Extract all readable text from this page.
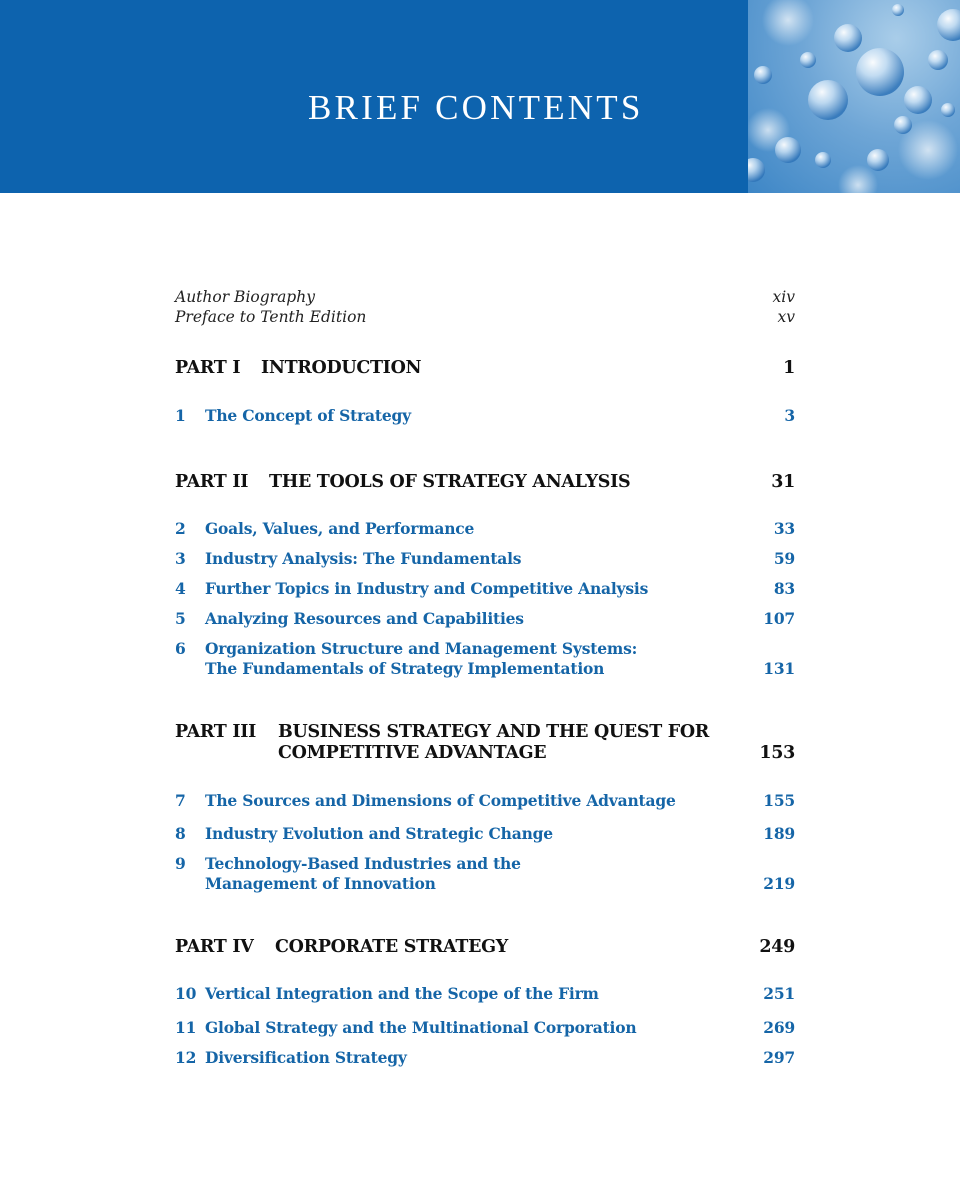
BRIEF CONTENTS
Author Biography	xiv
Preface to Tenth Edition	xv
PART I INTRODUCTION	1
1 The Concept of Strategy	3
PART II THE TOOLS OF STRATEGY ANALYSIS	31
2 Goals, Values, and Performance	33
3 Industry Analysis: The Fundamentals	59
4 Further Topics in Industry and Competitive Analysis	83
5 Analyzing Resources and Capabilities	107
6 Organization Structure and Management Systems:
The Fundamentals of Strategy Implementation	131
PART III BUSINESS STRATEGY AND THE QUEST FOR
COMPETITIVE ADVANTAGE	153
7 The Sources and Dimensions of Competitive Advantage	155
8 Industry Evolution and Strategic Change	189
9 Technology-Based Industries and the
Management of Innovation	219
PART IV CORPORATE STRATEGY	249
10 Vertical Integration and the Scope of the Firm	251
11 Global Strategy and the Multinational Corporation	269
12 Diversification Strategy	297
